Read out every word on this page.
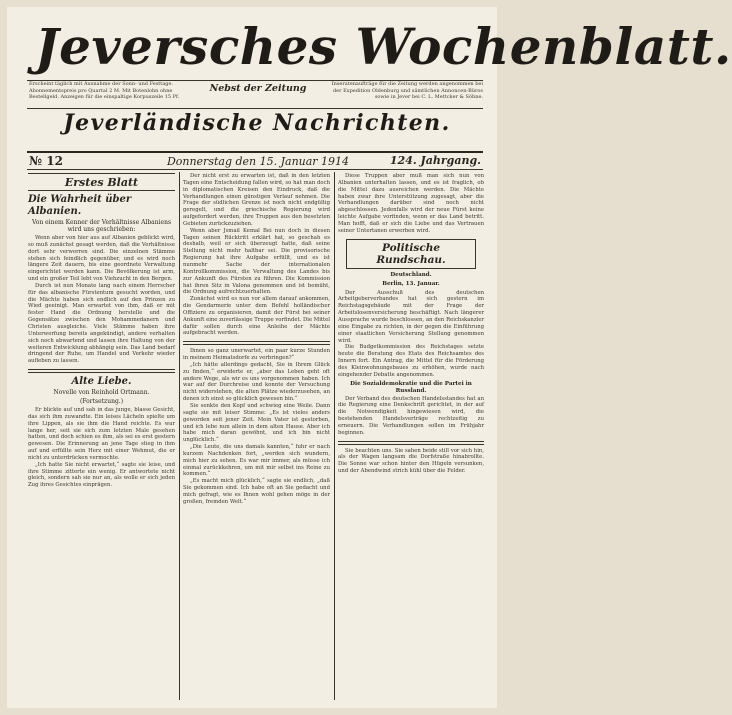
Jeversches Wochenblatt.
Erscheint täglich mit Ausnahme der Sonn- und Festtage. Abonnementspreis pro Quartal 2 M. Mit Botenlohn ohne Bestellgeld. Anzeigen für die einspaltige Korpuszeile 15 Pf.
Nebst der Zeitung	Inseratenaufträge für die Zeitung werden angenommen bei der Expedition Oldenburg und sämtlichen Annoncen-Büros sowie in Jever bei C. L. Mettcker & Söhne.
Jeverländische Nachrichten.
№ 12	Donnerstag den 15. Januar 1914	124. Jahrgang.
Erstes Blatt
Die Wahrheit über Albanien.
Von einem Kenner der Verhältnisse Albaniens wird uns geschrieben:

Wenn aber von hier aus auf Albanien geblickt wird, so muß zunächst gesagt werden, daß die Verhältnisse dort sehr verworren sind. Die einzelnen Stämme stehen sich feindlich gegenüber, und es wird noch längere Zeit dauern, bis eine geordnete Verwaltung eingerichtet werden kann. Die Bevölkerung ist arm, und ein großer Teil lebt von Viehzucht in den Bergen.

Durch ist nun Monate lang nach einem Herrscher für das albanische Fürstentum gesucht worden, und die Mächte haben sich endlich auf den Prinzen zu Wied geeinigt. Man erwartet von ihm, daß er mit fester Hand die Ordnung herstelle und die Gegensätze zwischen den Mohammedanern und Christen ausgleiche. Viele Stämme haben ihre Unterwerfung bereits angekündigt, andere verhalten sich noch abwartend und lassen ihre Haltung von der weiteren Entwicklung abhängig sein. Das Land bedarf dringend der Ruhe, um Handel und Verkehr wieder aufleben zu lassen.

Alte Liebe.
Novelle von Reinhold Ortmann.
(Fortsetzung.)

Er blickte auf und sah in das junge, blasse Gesicht, das sich ihm zuwandte. Ein leises Lächeln spielte um ihre Lippen, als sie ihm die Hand reichte. Es war lange her, seit sie sich zum letzten Male gesehen hatten, und doch schien es ihm, als sei es erst gestern gewesen. Die Erinnerung an jene Tage stieg in ihm auf und erfüllte sein Herz mit einer Wehmut, die er nicht zu unterdrücken vermochte.

„Ich hatte Sie nicht erwartet,“ sagte sie leise, und ihre Stimme zitterte ein wenig. Er antwortete nicht gleich, sondern sah sie nur an, als wolle er sich jeden Zug ihres Gesichtes einprägen.

Der nicht erst zu erwarten ist, daß in den letzten Tagen eine Entscheidung fallen wird, so hat man doch in diplomatischen Kreisen den Eindruck, daß die Verhandlungen einen günstigen Verlauf nehmen. Die Frage der südlichen Grenze ist noch nicht endgültig geregelt, und die griechische Regierung wird aufgefordert werden, ihre Truppen aus den besetzten Gebieten zurückzuziehen.

Wenn aber Jsmail Kemal Bei nun doch in diesen Tagen seinen Rücktritt erklärt hat, so geschah es deshalb, weil er sich überzeugt hatte, daß seine Stellung nicht mehr haltbar sei. Die provisorische Regierung hat ihre Aufgabe erfüllt, und es ist nunmehr Sache der internationalen Kontrollkommission, die Verwaltung des Landes bis zur Ankunft des Fürsten zu führen. Die Kommission hat ihren Sitz in Valona genommen und ist bemüht, die Ordnung aufrechtzuerhalten.

Zunächst wird es nun vor allem darauf ankommen, die Gendarmerie unter dem Befehl holländischer Offiziere zu organisieren, damit der Fürst bei seiner Ankunft eine zuverlässige Truppe vorfindet. Die Mittel dafür sollen durch eine Anleihe der Mächte aufgebracht werden.

Ihnen so ganz unerwartet, ein paar kurze Stunden in meinem Heimatsdorfe zu verbringen?“

„Ich hätte allerdings gedacht, Sie in Ihrem Glück zu finden,“ erwiderte er, „aber das Leben geht oft andere Wege, als wir es uns vorgenommen haben. Ich war auf der Durchreise und konnte der Versuchung nicht widerstehen, die alten Plätze wiederzusehen, an denen ich einst so glücklich gewesen bin.“

Sie senkte den Kopf und schwieg eine Weile. Dann sagte sie mit leiser Stimme: „Es ist vieles anders geworden seit jener Zeit. Mein Vater ist gestorben, und ich lebe nun allein in dem alten Hause. Aber ich habe mich daran gewöhnt, und ich bin nicht unglücklich.“

„Die Leute, die uns damals kannten,“ fuhr er nach kurzem Nachdenken fort, „werden sich wundern, mich hier zu sehen. Es war mir immer, als müsse ich einmal zurückkehren, um mit mir selbst ins Reine zu kommen.“

„Es macht mich glücklich,“ sagte sie endlich, „daß Sie gekommen sind. Ich habe oft an Sie gedacht und mich gefragt, wie es Ihnen wohl gehen möge in der großen, fremden Welt.“

Diese Truppen aber muß man sich nun von Albanien unterhalten lassen, und es ist fraglich, ob die Mittel dazu ausreichen werden. Die Mächte haben zwar ihre Unterstützung zugesagt, aber die Verhandlungen darüber sind noch nicht abgeschlossen. Jedenfalls wird der neue Fürst keine leichte Aufgabe vorfinden, wenn er das Land betritt. Man hofft, daß er sich die Liebe und das Vertrauen seiner Untertanen erwerben wird.

Politische Rundschau.
Deutschland.
Berlin, 13. Januar.

Der Ausschuß des deutschen Arbeitgeberverbandes hat sich gestern im Reichstagsgebäude mit der Frage der Arbeitslosenversicherung beschäftigt. Nach längerer Aussprache wurde beschlossen, an den Reichskanzler eine Eingabe zu richten, in der gegen die Einführung einer staatlichen Versicherung Stellung genommen wird.

Die Budgetkommission des Reichstages setzte heute die Beratung des Etats des Reichsamtes des Innern fort. Ein Antrag, die Mittel für die Förderung des Kleinwohnungsbaues zu erhöhen, wurde nach eingehender Debatte angenommen.

Die Sozialdemokratie und die Partei in Russland.

Der Verband des deutschen Handelsstandes hat an die Regierung eine Denkschrift gerichtet, in der auf die Notwendigkeit hingewiesen wird, die bestehenden Handelsverträge rechtzeitig zu erneuern. Die Verhandlungen sollen im Frühjahr beginnen.

Sie beachten uns. Sie sahen beide still vor sich hin, als der Wagen langsam die Dorfstraße hinabrollte. Die Sonne war schon hinter den Hügeln versunken, und der Abendwind strich kühl über die Felder.
